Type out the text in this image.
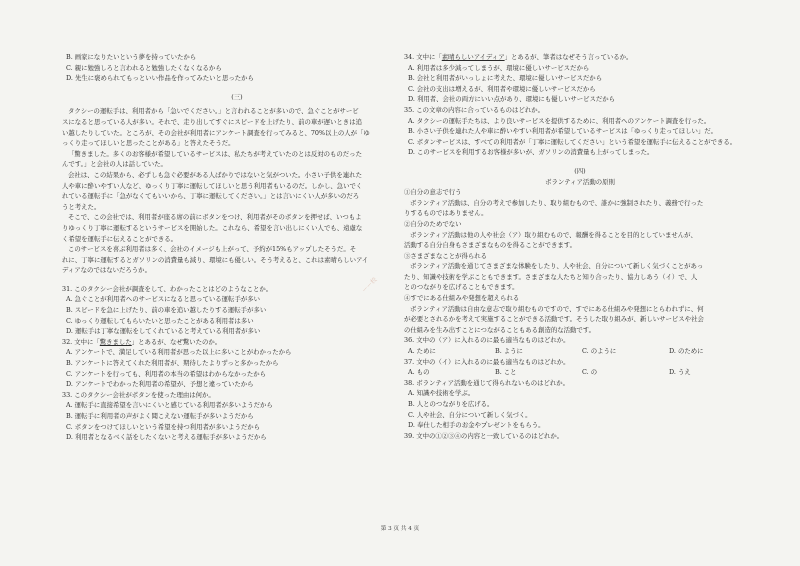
B. 画家になりたいという夢を持っていたから
C. 親に勉強しろと言われると勉強したくなくなるから
D. 先生に褒められてもっといい作品を作ってみたいと思ったから
(三)
タクシーの運転手は、利用者から「急いでください。」と言われることが多いので、急ぐことがサービ
スになると思っている人が多い。それで、走り出してすぐにスピードを上げたり、前の車が遅いときは追
い越したりしていた。ところが、その会社が利用者にアンケート調査を行ってみると、70%以上の人が「ゆ
っくり走ってほしいと思ったことがある」と答えたそうだ。
「驚きました。多くのお客様が希望しているサービスは、私たちが考えていたのとは反対のものだった
んです。」と会社の人は話していた。
会社は、この結果から、必ずしも急ぐ必要がある人ばかりではないと気がついた。小さい子供を連れた
人や車に酔いやすい人など、ゆっくり丁寧に運転してほしいと思う利用者もいるのだ。しかし、急いでく
れている運転手に「急がなくてもいいから、丁寧に運転してください。」とは言いにくい人が多いのだろ
うと考えた。
そこで、この会社では、利用者が座る席の前にボタンをつけ、利用者がそのボタンを押せば、いつもよ
りゆっくり丁寧に運転するというサービスを開始した。これなら、希望を言い出しにくい人でも、遠慮な
く希望を運転手に伝えることができる。
このサービスを喜ぶ利用者は多く、会社のイメージも上がって、予約が15%もアップしたそうだ。そ
れに、丁寧に運転するとガソリンの消費量も減り、環境にも優しい。そう考えると、これは素晴らしいアイ
ディアなのではないだろうか。
31. このタクシー会社が調査をして、わかったことはどのようなことか。
A. 急ぐことが利用者へのサービスになると思っている運転手が多い
B. スピードを急に上げたり、前の車を追い越したりする運転手が多い
C. ゆっくり運転してもらいたいと思ったことがある利用者は多い
D. 運転手は丁寧な運転をしてくれていると考えている利用者が多い
32. 文中に「驚きました」とあるが、なぜ驚いたのか。
A. アンケートで、満足している利用者が思った以上に多いことがわかったから
B. アンケートに答えてくれた利用者が、期待したよりずっと多かったから
C. アンケートを行っても、利用者の本当の希望はわからなかったから
D. アンケートでわかった利用者の希望が、予想と違っていたから
33. このタクシー会社がボタンを使った理由は何か。
A. 運転手に直接希望を言いにくいと感じている利用者が多いようだから
B. 運転手に利用者の声がよく聞こえない運転手が多いようだから
C. ボタンをつけてほしいという希望を持つ利用者が多いようだから
D. 利用者となるべく話をしたくないと考える運転手が多いようだから
34. 文中に「素晴らしいアイディア」とあるが、筆者はなぜそう言っているか。
A. 利用者は多少減ってしまうが、環境に優しいサービスだから
B. 会社と利用者がいっしょに考えた、環境に優しいサービスだから
C. 会社の支出は増えるが、利用者や環境に優しいサービスだから
D. 利用者、会社の両方にいい点があり、環境にも優しいサービスだから
35. この文章の内容に合っているものはどれか。
A. タクシーの運転手たちは、より良いサービスを提供するために、利用者へのアンケート調査を行った。
B. 小さい子供を連れた人や車に酔いやすい利用者が希望しているサービスは「ゆっくり走ってほしい」だ。
C. ボタンサービスは、すべての利用者が「丁寧に運転してください」という希望を運転手に伝えることができる。
D. このサービスを利用するお客様が多いが、ガソリンの消費量も上がってしまった。
(四)
ボランティア活動の原則
①自分の意志で行う
ボランティア活動は、自分の考えで参加したり、取り組むもので、誰かに強制されたり、義務で行った
りするものではありません。
②自分のためでない
ボランティア活動は他の人や社会（ア）取り組むもので、報酬を得ることを目的としていませんが、
活動する自分自身もさまざまなものを得ることができます。
③さまざまなことが得られる
ボランティア活動を通じてさまざまな体験をしたり、人や社会、自分について新しく気づくことがあっ
たり、知識や技術を学ぶこともできます。さまざまな人たちと知り合ったり、協力しあう（イ）で、人
とのつながりを広げることもできます。
④すでにある仕組みや発想を超えられる
ボランティア活動は自由な意志で取り組むものですので、すでにある仕組みや発想にとらわれずに、何
が必要とされるかを考えて実施することができる活動です。そうした取り組みが、新しいサービスや社会
の仕組みを生み出すことにつながることもある創造的な活動です。
36. 文中の（ア）に入れるのに最も適当なものはどれか。
A. ために	B. ように	C. のように	D. のために
37. 文中の（イ）に入れるのに最も適当なものはどれか。
A. もの	B. こと	C. の	D. うえ
38. ボランティア活動を通じて得られないものはどれか。
A. 知識や技術を学ぶ。
B. 人とのつながりを広げる。
C. 人や社会、自分について新しく気づく。
D. 奉仕した相手のお金やプレゼントをもらう。
39. 文中の①②③④の内容と一致しているのはどれか。
ーー校
第 3 页 共 4 页
